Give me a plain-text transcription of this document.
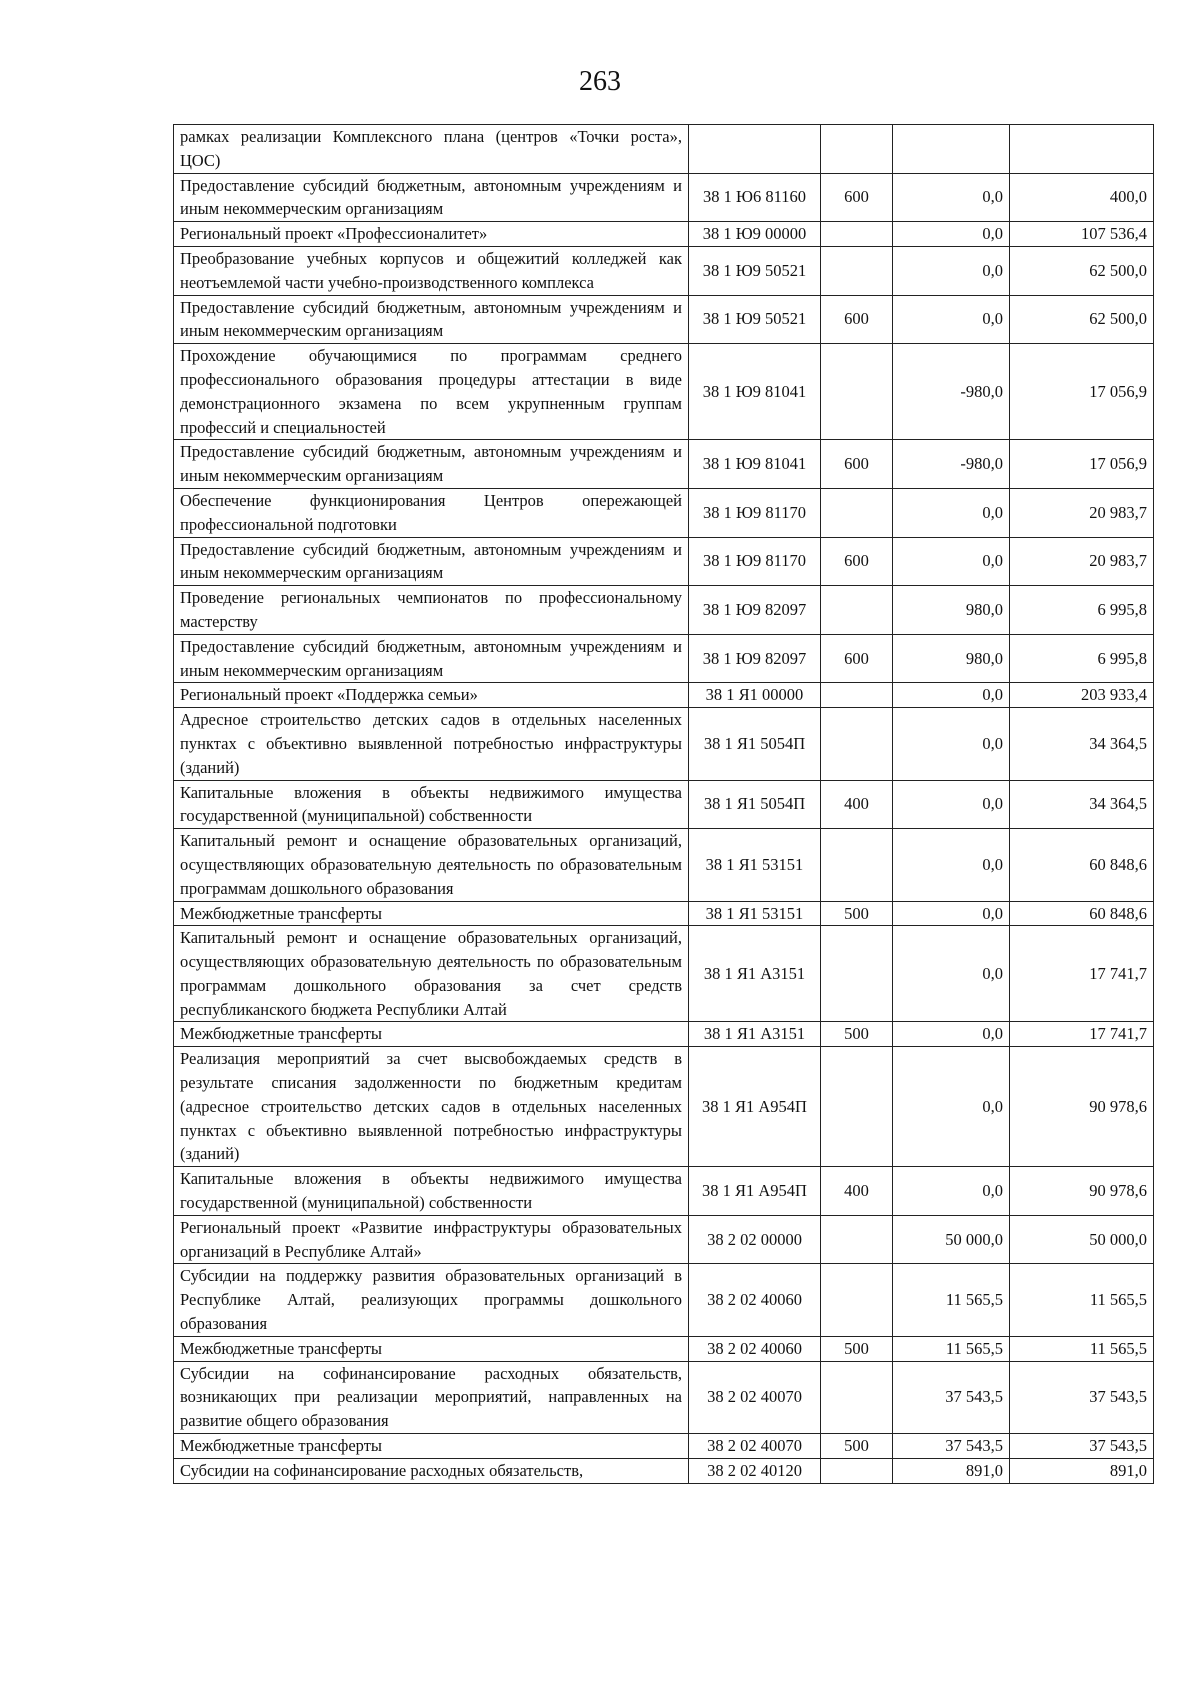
263
рамках реализации Комплексного плана (центров «Точки роста», ЦОС)				
Предоставление субсидий бюджетным, автономным учреждениям и иным некоммерческим организациям	38 1 Ю6 81160	600	0,0	400,0
Региональный проект «Профессионалитет»	38 1 Ю9 00000		0,0	107 536,4
Преобразование учебных корпусов и общежитий колледжей как неотъемлемой части учебно-производственного комплекса	38 1 Ю9 50521		0,0	62 500,0
Предоставление субсидий бюджетным, автономным учреждениям и иным некоммерческим организациям	38 1 Ю9 50521	600	0,0	62 500,0
Прохождение обучающимися по программам среднего профессионального образования процедуры аттестации в виде демонстрационного экзамена по всем укрупненным группам профессий и специальностей	38 1 Ю9 81041		-980,0	17 056,9
Предоставление субсидий бюджетным, автономным учреждениям и иным некоммерческим организациям	38 1 Ю9 81041	600	-980,0	17 056,9
Обеспечение функционирования Центров опережающей профессиональной подготовки	38 1 Ю9 81170		0,0	20 983,7
Предоставление субсидий бюджетным, автономным учреждениям и иным некоммерческим организациям	38 1 Ю9 81170	600	0,0	20 983,7
Проведение региональных чемпионатов по профессиональному мастерству	38 1 Ю9 82097		980,0	6 995,8
Предоставление субсидий бюджетным, автономным учреждениям и иным некоммерческим организациям	38 1 Ю9 82097	600	980,0	6 995,8
Региональный проект «Поддержка семьи»	38 1 Я1 00000		0,0	203 933,4
Адресное строительство детских садов в отдельных населенных пунктах с объективно выявленной потребностью инфраструктуры (зданий)	38 1 Я1 5054П		0,0	34 364,5
Капитальные вложения в объекты недвижимого имущества государственной (муниципальной) собственности	38 1 Я1 5054П	400	0,0	34 364,5
Капитальный ремонт и оснащение образовательных организаций, осуществляющих образовательную деятельность по образовательным программам дошкольного образования	38 1 Я1 53151		0,0	60 848,6
Межбюджетные трансферты	38 1 Я1 53151	500	0,0	60 848,6
Капитальный ремонт и оснащение образовательных организаций, осуществляющих образовательную деятельность по образовательным программам дошкольного образования за счет средств республиканского бюджета Республики Алтай	38 1 Я1 А3151		0,0	17 741,7
Межбюджетные трансферты	38 1 Я1 А3151	500	0,0	17 741,7
Реализация мероприятий за счет высвобождаемых средств в результате списания задолженности по бюджетным кредитам (адресное строительство детских садов в отдельных населенных пунктах с объективно выявленной потребностью инфраструктуры (зданий)	38 1 Я1 А954П		0,0	90 978,6
Капитальные вложения в объекты недвижимого имущества государственной (муниципальной) собственности	38 1 Я1 А954П	400	0,0	90 978,6
Региональный проект «Развитие инфраструктуры образовательных организаций в Республике Алтай»	38 2 02 00000		50 000,0	50 000,0
Субсидии на поддержку развития образовательных организаций в Республике Алтай, реализующих программы дошкольного образования	38 2 02 40060		11 565,5	11 565,5
Межбюджетные трансферты	38 2 02 40060	500	11 565,5	11 565,5
Субсидии на софинансирование расходных обязательств, возникающих при реализации мероприятий, направленных на развитие общего образования	38 2 02 40070		37 543,5	37 543,5
Межбюджетные трансферты	38 2 02 40070	500	37 543,5	37 543,5
Субсидии на софинансирование расходных обязательств,	38 2 02 40120		891,0	891,0
